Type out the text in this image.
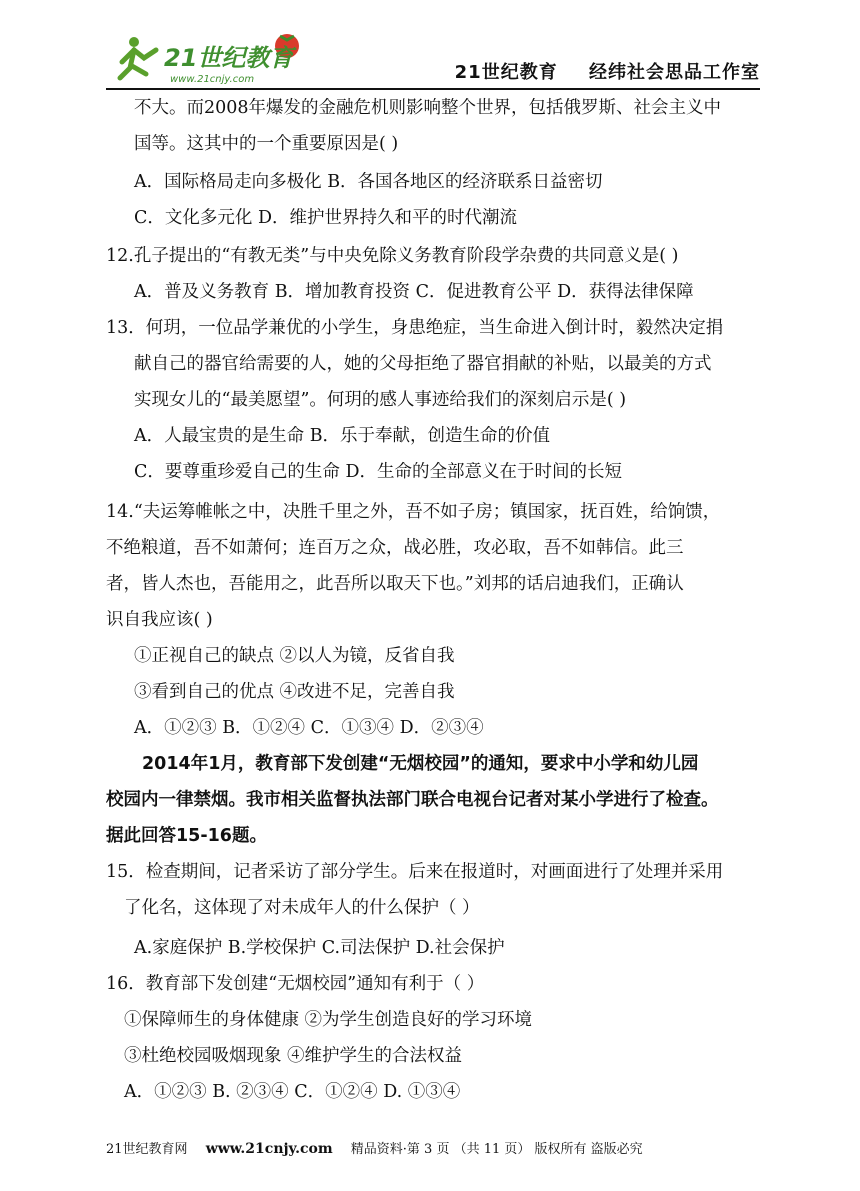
21世纪教育
www.21cnjy.com	21世纪教育 经纬社会思品工作室
不大。而2008年爆发的金融危机则影响整个世界，包括俄罗斯、社会主义中
国等。这其中的一个重要原因是( )
A．国际格局走向多极化 B．各国各地区的经济联系日益密切
C．文化多元化 D．维护世界持久和平的时代潮流
12.孔子提出的“有教无类”与中央免除义务教育阶段学杂费的共同意义是( )
A．普及义务教育 B．增加教育投资 C．促进教育公平 D．获得法律保障
13．何玥，一位品学兼优的小学生，身患绝症，当生命进入倒计时，毅然决定捐
献自己的器官给需要的人，她的父母拒绝了器官捐献的补贴，以最美的方式
实现女儿的“最美愿望”。何玥的感人事迹给我们的深刻启示是( )
A．人最宝贵的是生命 B．乐于奉献，创造生命的价值
C．要尊重珍爱自己的生命 D．生命的全部意义在于时间的长短
14.“夫运筹帷帐之中，决胜千里之外，吾不如子房；镇国家，抚百姓，给饷馈，
不绝粮道，吾不如萧何；连百万之众，战必胜，攻必取，吾不如韩信。此三
者，皆人杰也，吾能用之，此吾所以取天下也。”刘邦的话启迪我们，正确认
识自我应该( )
①正视自己的缺点 ②以人为镜，反省自我
③看到自己的优点 ④改进不足，完善自我
A．①②③ B．①②④ C．①③④ D．②③④
2014年1月，教育部下发创建“无烟校园”的通知，要求中小学和幼儿园
校园内一律禁烟。我市相关监督执法部门联合电视台记者对某小学进行了检查。
据此回答15-16题。
15．检查期间，记者采访了部分学生。后来在报道时，对画面进行了处理并采用
了化名，这体现了对未成年人的什么保护（ ）
A.家庭保护 B.学校保护 C.司法保护 D.社会保护
16．教育部下发创建“无烟校园”通知有利于（ ）
①保障师生的身体健康 ②为学生创造良好的学习环境
③杜绝校园吸烟现象 ④维护学生的合法权益
A．①②③ B. ②③④ C．①②④ D. ①③④
21世纪教育网 www.21cnjy.com 精品资料·第 3 页 （共 11 页） 版权所有 盗版必究
